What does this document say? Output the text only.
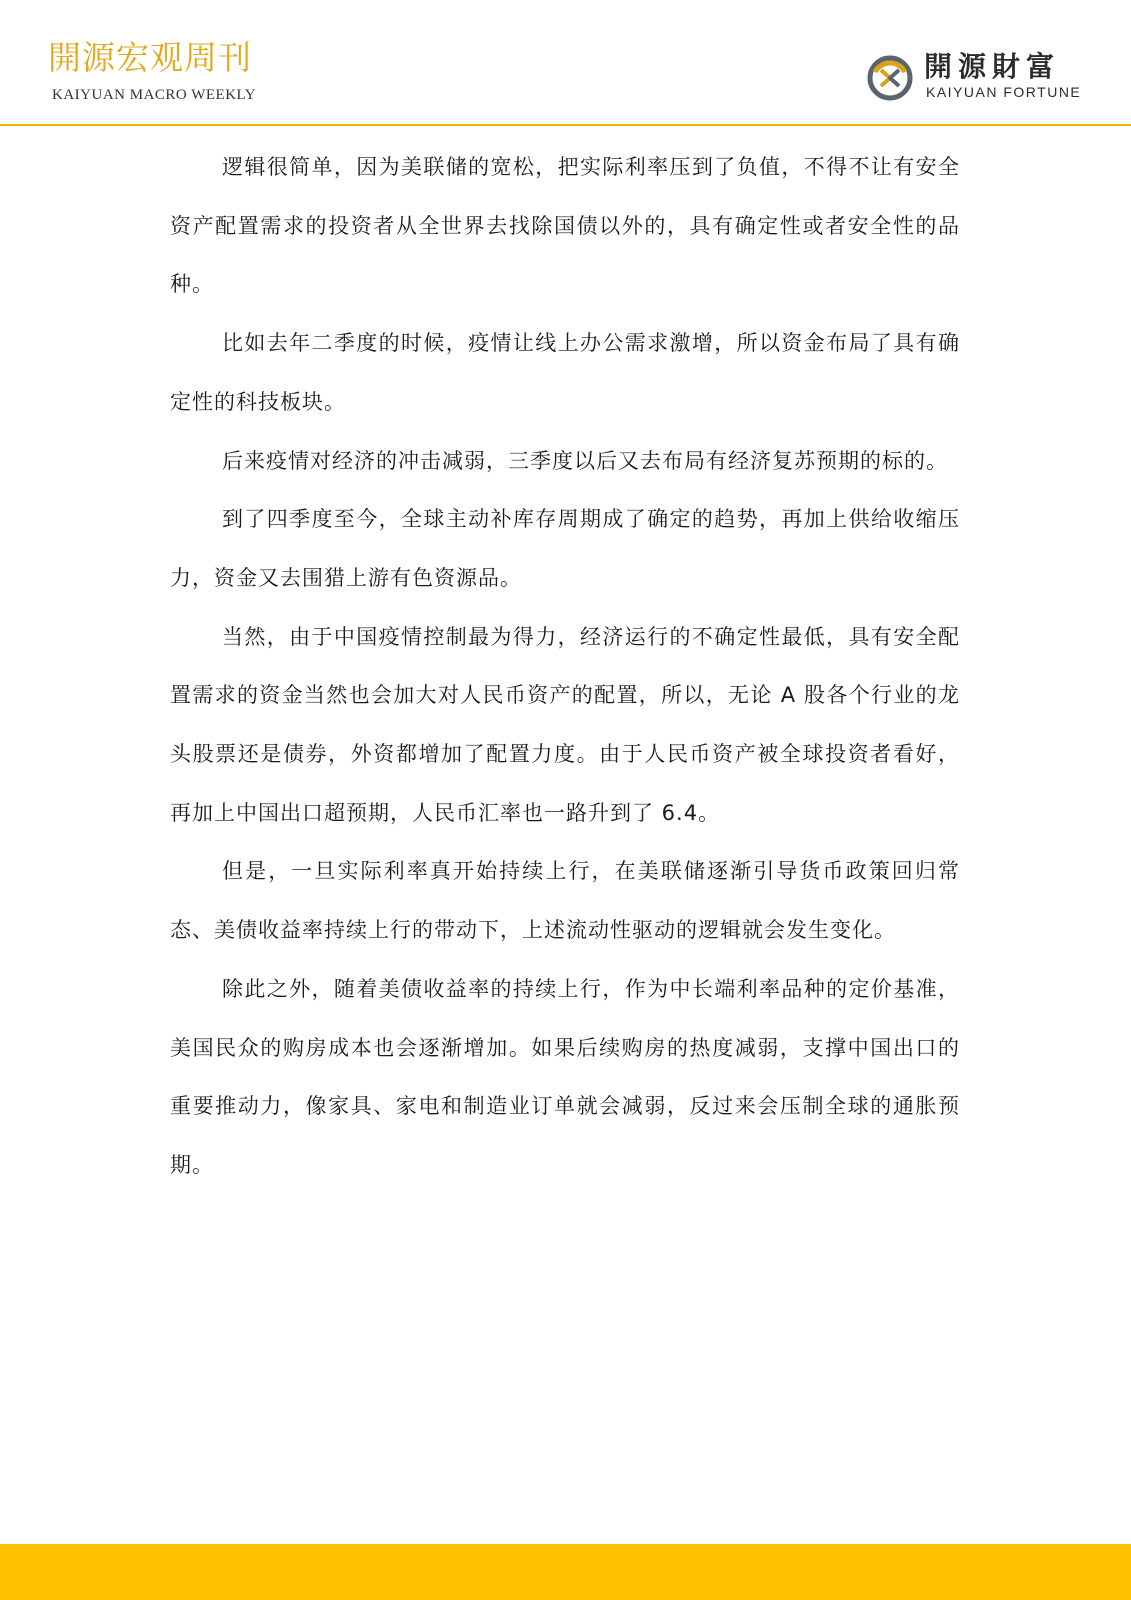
開源宏观周刊
KAIYUAN MACRO WEEKLY
開源財富
KAIYUAN FORTUNE

逻辑很简单，因为美联储的宽松，把实际利率压到了负值，不得不让有安全资产配置需求的投资者从全世界去找除国债以外的，具有确定性或者安全性的品种。

比如去年二季度的时候，疫情让线上办公需求激增，所以资金布局了具有确定性的科技板块。

后来疫情对经济的冲击减弱，三季度以后又去布局有经济复苏预期的标的。

到了四季度至今，全球主动补库存周期成了确定的趋势，再加上供给收缩压力，资金又去围猎上游有色资源品。

当然，由于中国疫情控制最为得力，经济运行的不确定性最低，具有安全配置需求的资金当然也会加大对人民币资产的配置，所以，无论 A 股各个行业的龙头股票还是债券，外资都增加了配置力度。由于人民币资产被全球投资者看好，再加上中国出口超预期，人民币汇率也一路升到了 6.4。

但是，一旦实际利率真开始持续上行，在美联储逐渐引导货币政策回归常态、美债收益率持续上行的带动下，上述流动性驱动的逻辑就会发生变化。

除此之外，随着美债收益率的持续上行，作为中长端利率品种的定价基准，美国民众的购房成本也会逐渐增加。如果后续购房的热度减弱，支撑中国出口的重要推动力，像家具、家电和制造业订单就会减弱，反过来会压制全球的通胀预期。
